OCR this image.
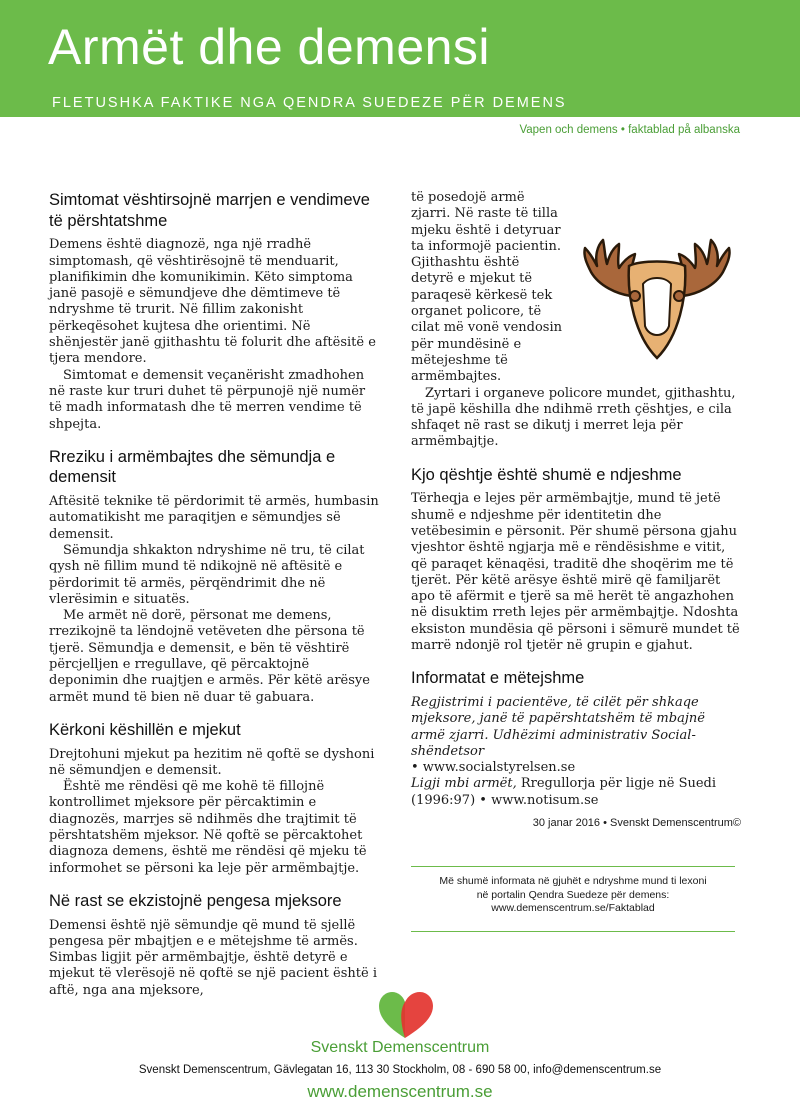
Armët dhe demensi
FLETUSHKA FAKTIKE NGA QENDRA SUEDEZE PËR DEMENS
Vapen och demens • faktablad på albanska
Simtomat vështirsojnë marrjen e vendimeve të përshtatshme

Demens është diagnozë, nga një rradhë simptomash, që vështirësojnë të menduarit, planifikimin dhe komunikimin. Këto simptoma janë pasojë e sëmundjeve dhe dëmtimeve të ndryshme të trurit. Në fillim zakonisht përkeqësohet kujtesa dhe orientimi. Në shënjestër janë gjithashtu të folurit dhe aftësitë e tjera mendore.

Simtomat e demensit veçanërisht zmadhohen në raste kur truri duhet të përpunojë një numër të madh informatash dhe të merren vendime të shpejta.

Rreziku i armëmbajtes dhe sëmundja e demensit

Aftësitë teknike të përdorimit të armës, humbasin automatikisht me paraqitjen e sëmundjes së demensit.

Sëmundja shkakton ndryshime në tru, të cilat qysh në fillim mund të ndikojnë në aftësitë e përdorimit të armës, përqëndrimit dhe në vlerësimin e situatës.

Me armët në dorë, përsonat me demens, rrezikojnë ta lëndojnë vetëveten dhe përsona të tjerë. Sëmundja e demensit, e bën të vështirë përcjelljen e rregullave, që përcaktojnë deponimin dhe ruajtjen e armës. Për këtë arësye armët mund të bien në duar të gabuara.

Kërkoni këshillën e mjekut

Drejtohuni mjekut pa hezitim në qoftë se dyshoni në sëmundjen e demensit.

Është me rëndësi që me kohë të fillojnë kontrollimet mjeksore për përcaktimin e diagnozës, marrjes së ndihmës dhe trajtimit të përshtatshëm mjeksor. Në qoftë se përcaktohet diagnoza demens, është me rëndësi që mjeku të informohet se përsoni ka leje për armëmbajtje.

Në rast se ekzistojnë pengesa mjeksore

Demensi është një sëmundje që mund të sjellë pengesa për mbajtjen e e mëtejshme të armës. Simbas ligjit për armëmbajtje, është detyrë e mjekut të vlerësojë në qoftë se një pacient është i aftë, nga ana mjeksore,

të posedojë armë zjarri. Në raste të tilla mjeku është i detyruar ta informojë pacientin. Gjithashtu është detyrë e mjekut të paraqesë kërkesë tek organet policore, të cilat më vonë vendosin për mundësinë e mëtejeshme të armëmbajtes.

Zyrtari i organeve policore mundet, gjithashtu, të japë këshilla dhe ndihmë rreth çështjes, e cila shfaqet në rast se dikutj i merret leja për armëmbajtje.

Kjo qështje është shumë e ndjeshme

Tërheqja e lejes për armëmbajtje, mund të jetë shumë e ndjeshme për identitetin dhe vetëbesimin e përsonit. Për shumë përsona gjahu vjeshtor është ngjarja më e rëndësishme e vitit, që paraqet kënaqësi, traditë dhe shoqërim me të tjerët. Për këtë arësye është mirë që familjarët apo të afërmit e tjerë sa më herët të angazhohen në disuktim rreth lejes për armëmbajtje. Ndoshta eksiston mundësia që përsoni i sëmurë mundet të marrë ndonjë rol tjetër në grupin e gjahut.

Informatat e mëtejshme

Regjistrimi i pacientëve, të cilët për shkaqe mjeksore, janë të papërshtatshëm të mbajnë armë zjarri. Udhëzimi administrativ Social-shëndetsor

• www.socialstyrelsen.se

Ligji mbi armët, Rregullorja për ligje në Suedi (1996:97) • www.notisum.se

30 janar 2016 • Svenskt Demenscentrum©
Më shumë informata në gjuhët e ndryshme mund ti lexoni
në portalin Qendra Suedeze për demens:
www.demenscentrum.se/Faktablad
Svenskt Demenscentrum
Svenskt Demenscentrum, Gävlegatan 16, 113 30 Stockholm, 08 - 690 58 00, info@demenscentrum.se
www.demenscentrum.se
